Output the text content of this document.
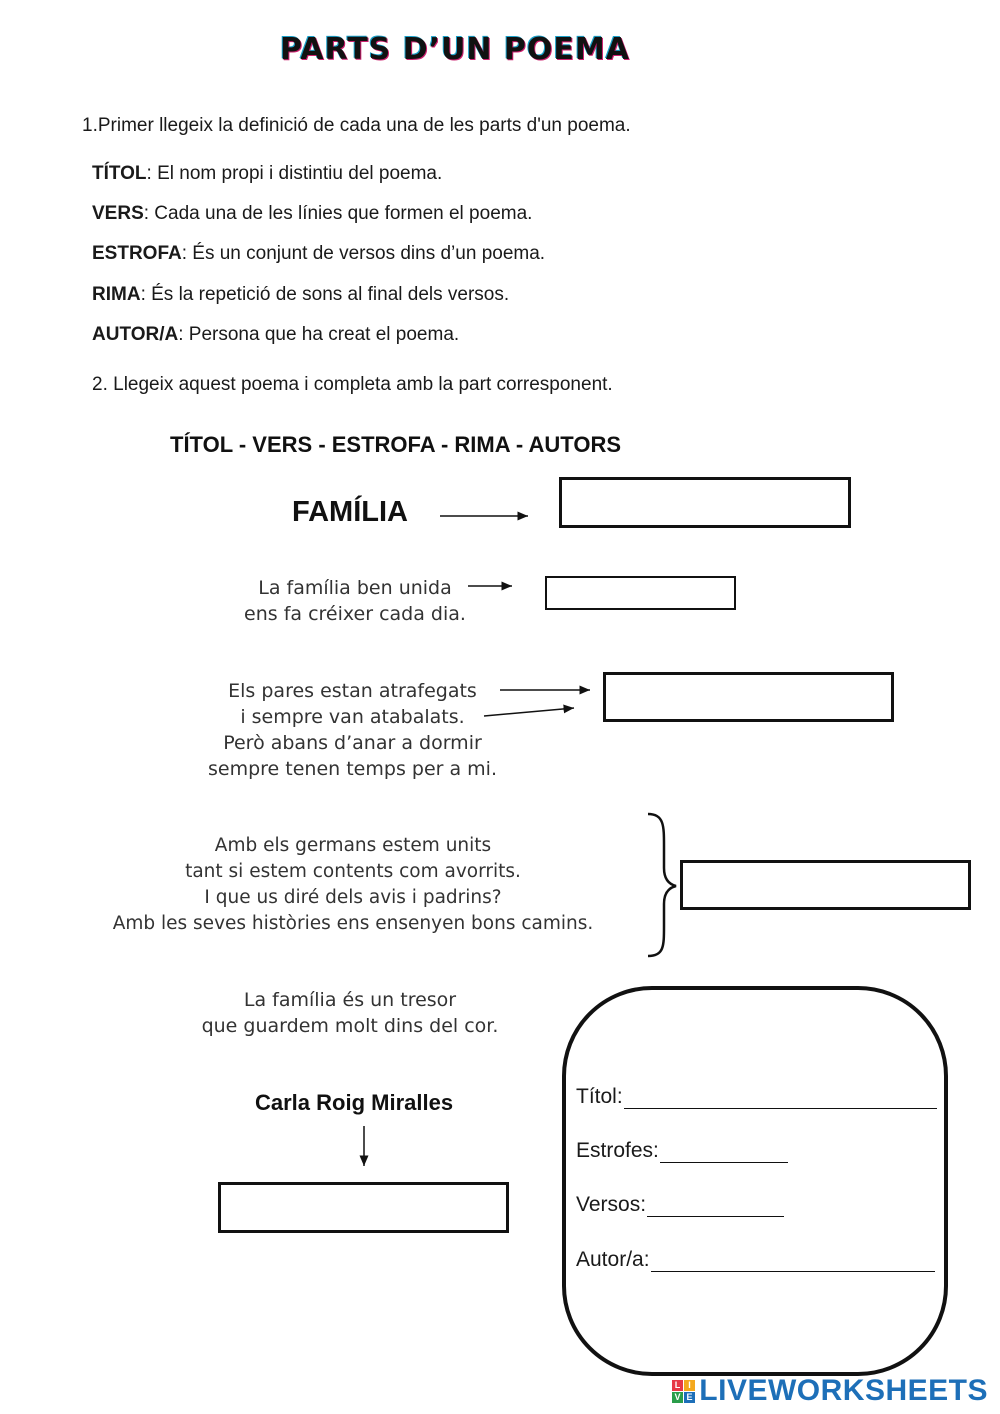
PARTS D’UN POEMA
1.Primer llegeix la definició de cada una de les parts d'un poema.
TÍTOL: El nom propi i distintiu del poema.
VERS: Cada una de les línies que formen el poema.
ESTROFA: És un conjunt de versos dins d’un poema.
RIMA: És la repetició de sons al final dels versos.
AUTOR/A: Persona que ha creat el poema.
2. Llegeix aquest poema i completa amb la part corresponent.
TÍTOL - VERS - ESTROFA - RIMA - AUTORS
FAMÍLIA
La família ben unida
ens fa créixer cada dia.
Els pares estan atrafegats
i sempre van atabalats.
Però abans d’anar a dormir
sempre tenen temps per a mi.
Amb els germans estem units
tant si estem contents com avorrits.
I que us diré dels avis i padrins?
Amb les seves històries ens ensenyen bons camins.
La família és un tresor
que guardem molt dins del cor.
Carla Roig Miralles	Títol:
Estrofes:
Versos:
Autor/a:
L I
V E LIVEWORKSHEETS
